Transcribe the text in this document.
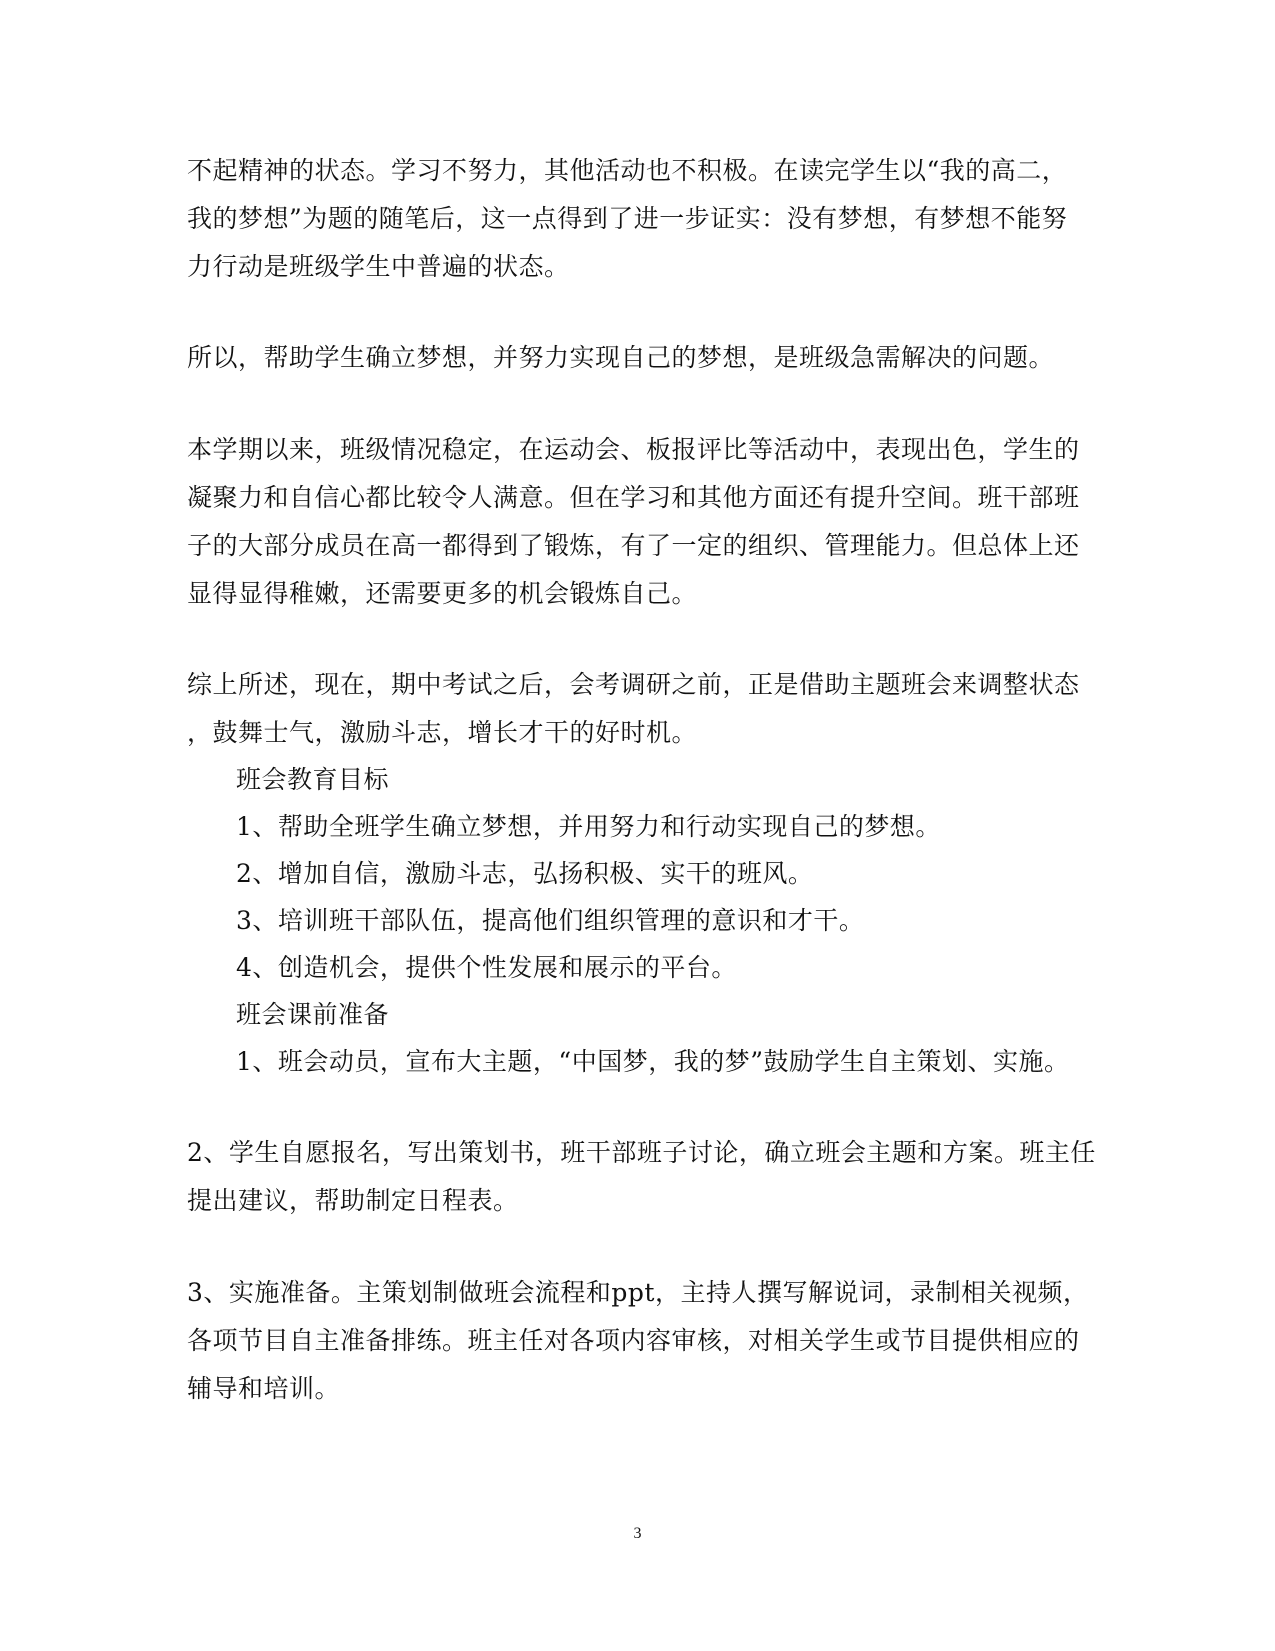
不起精神的状态。学习不努力，其他活动也不积极。在读完学生以“我的高二，
我的梦想”为题的随笔后，这一点得到了进一步证实：没有梦想，有梦想不能努
力行动是班级学生中普遍的状态。
所以，帮助学生确立梦想，并努力实现自己的梦想，是班级急需解决的问题。
本学期以来，班级情况稳定，在运动会、板报评比等活动中，表现出色，学生的
凝聚力和自信心都比较令人满意。但在学习和其他方面还有提升空间。班干部班
子的大部分成员在高一都得到了锻炼，有了一定的组织、管理能力。但总体上还
显得显得稚嫩，还需要更多的机会锻炼自己。
综上所述，现在，期中考试之后，会考调研之前，正是借助主题班会来调整状态
，鼓舞士气，激励斗志，增长才干的好时机。
班会教育目标
1、帮助全班学生确立梦想，并用努力和行动实现自己的梦想。
2、增加自信，激励斗志，弘扬积极、实干的班风。
3、培训班干部队伍，提高他们组织管理的意识和才干。
4、创造机会，提供个性发展和展示的平台。
班会课前准备
1、班会动员，宣布大主题，“中国梦，我的梦”鼓励学生自主策划、实施。
2、学生自愿报名，写出策划书，班干部班子讨论，确立班会主题和方案。班主任
提出建议，帮助制定日程表。
3、实施准备。主策划制做班会流程和ppt，主持人撰写解说词，录制相关视频，
各项节目自主准备排练。班主任对各项内容审核，对相关学生或节目提供相应的
辅导和培训。
3
